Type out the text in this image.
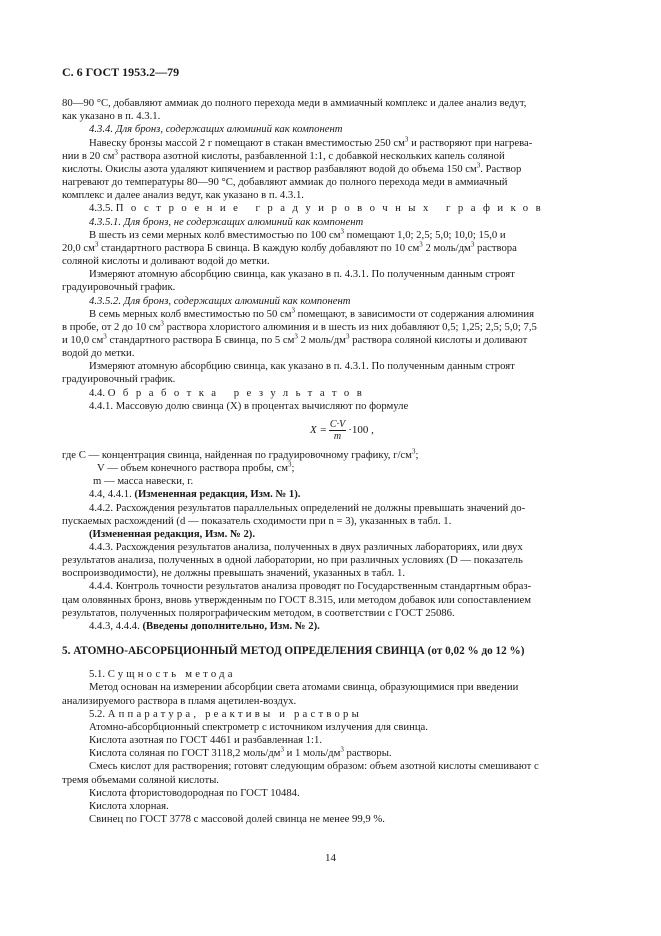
С. 6 ГОСТ 1953.2—79

80—90 °С, добавляют аммиак до полного перехода меди в аммиачный комплекс и далее анализ ведут,

как указано в п. 4.3.1.

4.3.4. Для бронз, содержащих алюминий как компонент

Навеску бронзы массой 2 г помещают в стакан вместимостью 250 $см^3$ и растворяют при нагрева-

нии в 20 $см^3$ раствора азотной кислоты, разбавленной 1:1, с добавкой нескольких капель соляной

кислоты. Окислы азота удаляют кипячением и раствор разбавляют водой до объема 150 $см^3$. Раствор

нагревают до температуры 80—90 °С, добавляют аммиак до полного перехода меди в аммиачный

комплекс и далее анализ ведут, как указано в п. 4.3.1.

4.3.5. Построение градуировочных графиков

4.3.5.1. Для бронз, не содержащих алюминий как компонент

В шесть из семи мерных колб вместимостью по 100 $см^3$ помещают 1,0; 2,5; 5,0; 10,0; 15,0 и

20,0 $см^3$ стандартного раствора Б свинца. В каждую колбу добавляют по 10 $см^3$ 2 моль/$дм^3$ раствора

соляной кислоты и доливают водой до метки.

Измеряют атомную абсорбцию свинца, как указано в п. 4.3.1. По полученным данным строят

градуировочный график.

4.3.5.2. Для бронз, содержащих алюминий как компонент

В семь мерных колб вместимостью по 50 $см^3$ помещают, в зависимости от содержания алюминия

в пробе, от 2 до 10 $см^3$ раствора хлористого алюминия и в шесть из них добавляют 0,5; 1,25; 2,5; 5,0; 7,5

и 10,0 $см^3$ стандартного раствора Б свинца, по 5 $см^3$ 2 моль/$дм^3$ раствора соляной кислоты и доливают

водой до метки.

Измеряют атомную абсорбцию свинца, как указано в п. 4.3.1. По полученным данным строят

градуировочный график.

4.4. Обработка результатов

4.4.1. Массовую долю свинца (X) в процентах вычисляют по формуле

$X = \frac{C\cdot V}{m} \cdot 100$ ,

где С — концентрация свинца, найденная по градуировочному графику, $г/см^3$;

V — объем конечного раствора пробы, $см^3$;

m — масса навески, г.

4.4, 4.4.1. (Измененная редакция, Изм. № 1).

4.4.2. Расхождения результатов параллельных определений не должны превышать значений до-

пускаемых расхождений (d — показатель сходимости при n = 3), указанных в табл. 1.

(Измененная редакция, Изм. № 2).

4.4.3. Расхождения результатов анализа, полученных в двух различных лабораториях, или двух

результатов анализа, полученных в одной лаборатории, но при различных условиях (D — показатель

воспроизводимости), не должны превышать значений, указанных в табл. 1.

4.4.4. Контроль точности результатов анализа проводят по Государственным стандартным образ-

цам оловянных бронз, вновь утвержденным по ГОСТ 8.315, или методом добавок или сопоставлением

результатов, полученных полярографическим методом, в соответствии с ГОСТ 25086.

4.4.3, 4.4.4. (Введены дополнительно, Изм. № 2).

5. АТОМНО-АБСОРБЦИОННЫЙ МЕТОД ОПРЕДЕЛЕНИЯ СВИНЦА (от 0,02 % до 12 %)

5.1. Сущность метода

Метод основан на измерении абсорбции света атомами свинца, образующимися при введении

анализируемого раствора в пламя ацетилен-воздух.

5.2. Аппаратура, реактивы и растворы

Атомно-абсорбционный спектрометр с источником излучения для свинца.

Кислота азотная по ГОСТ 4461 и разбавленная 1:1.

Кислота соляная по ГОСТ 3118,2 моль/$дм^3$ и 1 моль/$дм^3$ растворы.

Смесь кислот для растворения; готовят следующим образом: объем азотной кислоты смешивают с

тремя объемами соляной кислоты.

Кислота фтористоводородная по ГОСТ 10484.

Кислота хлорная.

Свинец по ГОСТ 3778 с массовой долей свинца не менее 99,9 %.

14
